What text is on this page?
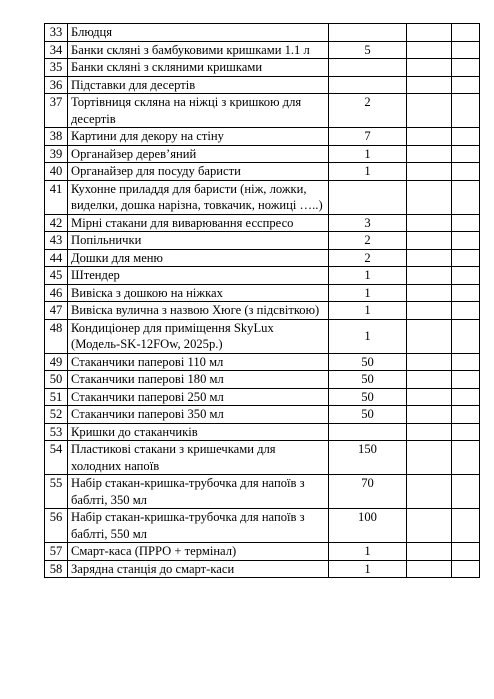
33	Блюдця			
34	Банки скляні з бамбуковими кришками 1.1 л	5		
35	Банки скляні з скляними кришками			
36	Підставки для десертів			
37	Тортівниця скляна на ніжці з кришкою для десертів	2		
38	Картини для декору на стіну	7		
39	Органайзер дерев’яний	1		
40	Органайзер для посуду баристи	1		
41	Кухонне приладдя для баристи (ніж, ложки, виделки, дошка нарізна, товкачик, ножиці …..)			
42	Мірні стакани для виварювання есспресо	3		
43	Попільнички	2		
44	Дошки для меню	2		
45	Штендер	1		
46	Вивіска з дошкою на ніжках	1		
47	Вивіска вулична з назвою Хюге (з підсвіткою)	1		
48	Кондиціонер для приміщення SkyLux (Модель-SK-12FOw, 2025р.)	1		
49	Стаканчики паперові 110 мл	50		
50	Стаканчики паперові 180 мл	50		
51	Стаканчики паперові 250 мл	50		
52	Стаканчики паперові 350 мл	50		
53	Кришки до стаканчиків			
54	Пластикові стакани з кришечками для холодних напоїв	150		
55	Набір стакан-кришка-трубочка для напоїв з баблті, 350 мл	70		
56	Набір стакан-кришка-трубочка для напоїв з баблті, 550 мл	100		
57	Смарт-каса (ПРРО + термінал)	1		
58	Зарядна станція до смарт-каси	1		
